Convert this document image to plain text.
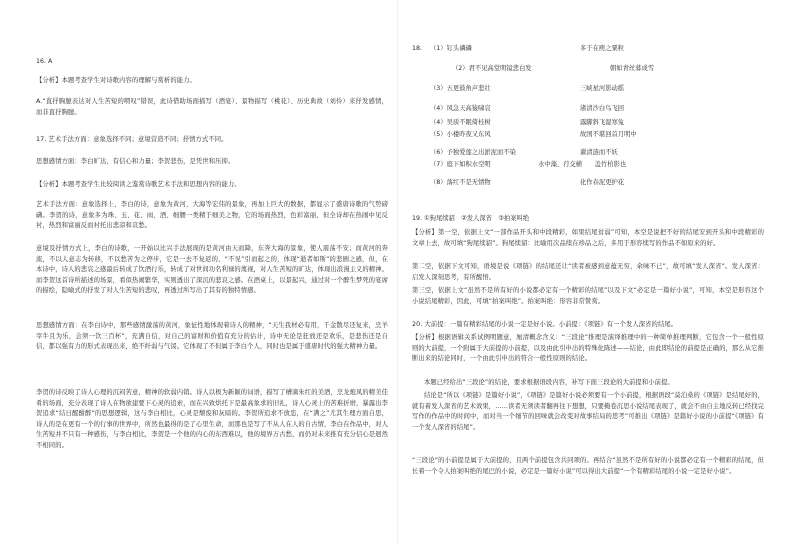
16. A
【分析】本题考查学生对诗歌内容的理解与赏析的能力。
A.“直抒胸臆表达对人生苦短的喟叹”错误，此诗借助场面描写（酒宴）、景物描写（桃花）、历史典故（刘伶）来抒发感情，而非直抒胸臆。
17. 艺术手法方面：意象选择不同；意境营造不同；抒情方式不同。
思想感情方面：李白旷达，有信心和力量；李贺悲伤，是凭世和压抑。
【分析】本题考查学生比较阅读之鉴赏诗歌艺术手法和思想内容的能力。
艺术手法方面：意象选择上，李白的诗，意象为黄河、大海等宏伟的景象，再加上巨大的数据，都显示了盛唐诗歌的气势磅礴。李贺的诗，意象多为珠、玉、花、雨、酒、细腰一类精于细美之物，它的场面热烈，色彩富丽，但全诗却在热闹中见反衬，热烈和富丽反而衬托出悲凉和哀愁。
意境及抒情方式上，李白的诗歌，一开始以比兴手法展现的是黄河由天而降，东奔大海的景象，使人震荡不安；而黄河的奔流，不以人意志为转移，不以愁苦为之停步，它是一去不复返的，“不见”引而起之的，体现“逝者如斯”的悲剧之感，但，在本诗中，诗人的悲哀之感最后转成了饮酒行乐，转成了对世间功名利禄的蔑视，对人生苦短的旷达，体现出浪漫主义的精神。而李贺这首诗所描述的场景，看似热闹繁华，实则透出了深沉的悲哀之感。在酒桌上，以景起兴，通过对一个醉生梦死的宴席的描绘，隐喻式的抒发了对人生苦短的悲叹，再透过所写出了其有的独特情感。
思想感情方面：在李白诗中，那些感情激荡的黄河，象征性地体现着诗人的精神，“天生我材必有用，千金散尽还复来，烹羊宰牛且为乐，会须一饮三百杯”，充满自信，对自己的富财和价值有充分的估计，诗中无论是狂放还是欢乐，是悲伤还是自信，都以强有力的形式表现出来，绝不纤弱与气馁。它体现了不但属于李白个人，同时也是属于盛唐时代的强大精神力量。
李贺的诗反映了诗人心理的沉闷苦意，精神的软弱内销。诗人以极为新颖的词语，描写了槽滴朱红的美酒，烹龙炮凤的精美佳肴的场面，充分表现了诗人在物欲建要下心灵的追索，而在兴致烘托下是最高象求的旧礼，诗人心灵上的苦难折磨，暴露出李贺追求“结日醒酣醉”的思想逻辑，这与李白相比，心灵是颓废和灰暗的。李贺所追求不放恣，在“满之”尤其生理方面自思，诗人的是在更有一个的行事的世界中，所然也最得的是了心里生命，而那也是写了不从人在人的自古情，李白在作品中，对人生苦短并不只有一种感伤，与李白相比，李贺是一个他的内心的东西难以，他的境界万古愁，而仍对未来推有充分信心是迥然不相同的。
18. （1）钉头磷磷	多于在庾之粟粒
（2）君不见高堂明镜悲白发	朝如青丝暮成雪
（3）五更鼓角声悲壮	三峡星河影动摇
（4）风急天高猿啸哀	渚清沙白鸟飞回
（4）吴质不眠倚桂树	露脚斜飞湿寒兔
（5）小楼昨夜又东风	故国不堪回首月明中
（6）予独爱莲之出淤泥而不染	濯清涟而不妖
（7）庭下如积水空明	水中藻、荇交横　　盖竹柏影也
（8）落红不是无情物	化作春泥更护花
19. ①狗尾续貂　②发人深省　③拍案叫绝
【分析】第一空，依据上文“一部作品开头和中段精彩，如果结尾贫弱”可知，本空是说把不好的结尾安到开头和中段精彩的文章上去，故可填“狗尾续貂”。狗尾续貂：比喻用次品续在珍品之后，多用于形容续写的作品不如原来的好。
第二空，依据下文可知，语境是说《项链》的结尾还让“读者被感到意蕴无穷，余味不已”，故可填“发人深省”。发人深省：启发人深刻思考，有所醒悟。
第三空，依据上文“虽然不是所有好的小说都必定有一个精彩的结尾”以及下文“必定是一篇好小说”，可知，本空是形容这个小说结尾精彩，因此，可填“拍案叫绝”。拍案叫绝：形容非常赞赏。
20. 大前提：一篇有精彩结尾的小说一定是好小说。小前提：《项链》有一个发人深省的结尾。
【分析】根据语辑关系试例明题意，厘清概念含义：“三段论”推理是演绎推理中的一种简单推理判断，它包含一个一般性原则的大前提，一个附属于大前提的小前提，以及由此引申出的特殊化陈述——结论，由此即结论的前提是正确的，那么从它推断出来的结论同时，一个由此引申出的符合一般性原则的结论。
本题已经给出“三段论”的结论，要求根据语段内容，补写下面三段论的大前提和小前提。
结论是“所以《项链》是篇好小说”，《项链》是篇好小说必须要有一个小前提，根据语段“莫泊桑的《项链》是结尾好的，就有着发人深省的艺术效果，……读者无须读者翻再往下想想，只要掩卷沉思小说结尾表现了，就会不由自主地反转已经找完写作的作品中的时间中，而对当一个细节的回味就会改变对故事结局的思考”可推出《项链》是篇好小说的小前提“《项链》有一个发人深省的结尾”。
“三段论”的小前提是属于大前提的，且两个前提包含共同项的。再结合“虽然不是所有好的小说都必定有一个精彩的结尾，但长着一个令人拍案叫绝的尾巴的小说，必定是一篇好小说”可以得出大前提“一个有精彩结尾的小说一定是好小说”。
